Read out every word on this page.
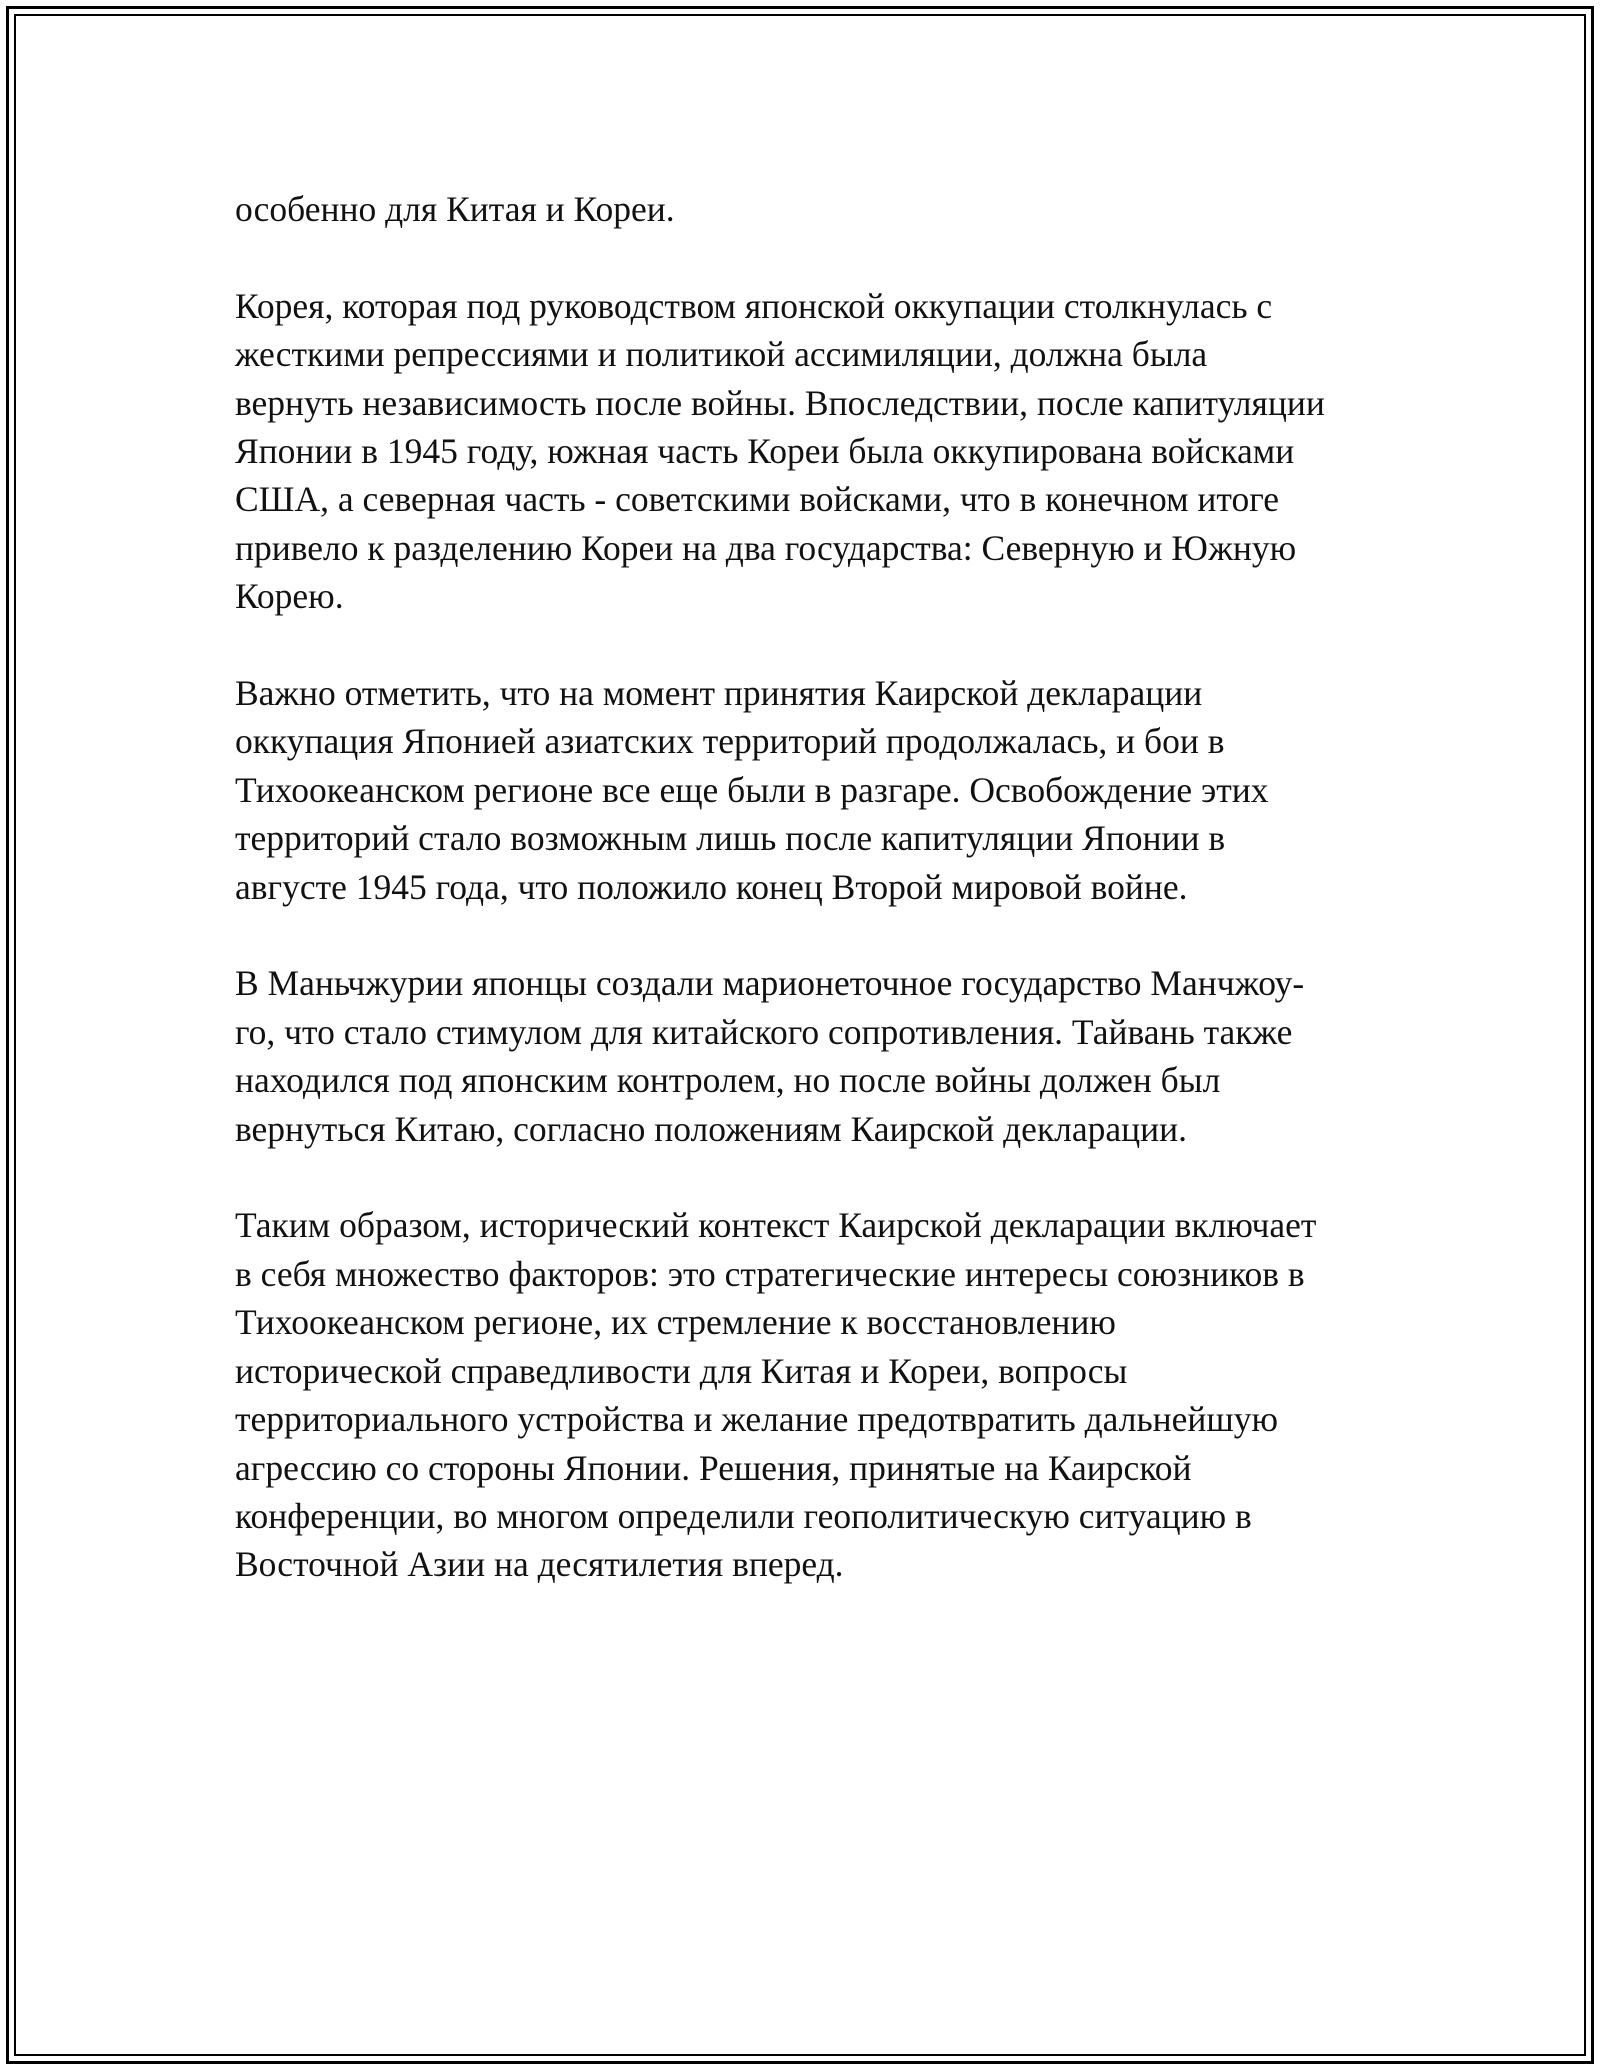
особенно для Китая и Кореи.

Корея, которая под руководством японской оккупации столкнулась с
жесткими репрессиями и политикой ассимиляции, должна была
вернуть независимость после войны. Впоследствии, после капитуляции
Японии в 1945 году, южная часть Кореи была оккупирована войсками
США, а северная часть - советскими войсками, что в конечном итоге
привело к разделению Кореи на два государства: Северную и Южную
Корею.

Важно отметить, что на момент принятия Каирской декларации
оккупация Японией азиатских территорий продолжалась, и бои в
Тихоокеанском регионе все еще были в разгаре. Освобождение этих
территорий стало возможным лишь после капитуляции Японии в
августе 1945 года, что положило конец Второй мировой войне.

В Маньчжурии японцы создали марионеточное государство Манчжоу-
го, что стало стимулом для китайского сопротивления. Тайвань также
находился под японским контролем, но после войны должен был
вернуться Китаю, согласно положениям Каирской декларации.

Таким образом, исторический контекст Каирской декларации включает
в себя множество факторов: это стратегические интересы союзников в
Тихоокеанском регионе, их стремление к восстановлению
исторической справедливости для Китая и Кореи, вопросы
территориального устройства и желание предотвратить дальнейшую
агрессию со стороны Японии. Решения, принятые на Каирской
конференции, во многом определили геополитическую ситуацию в
Восточной Азии на десятилетия вперед.
